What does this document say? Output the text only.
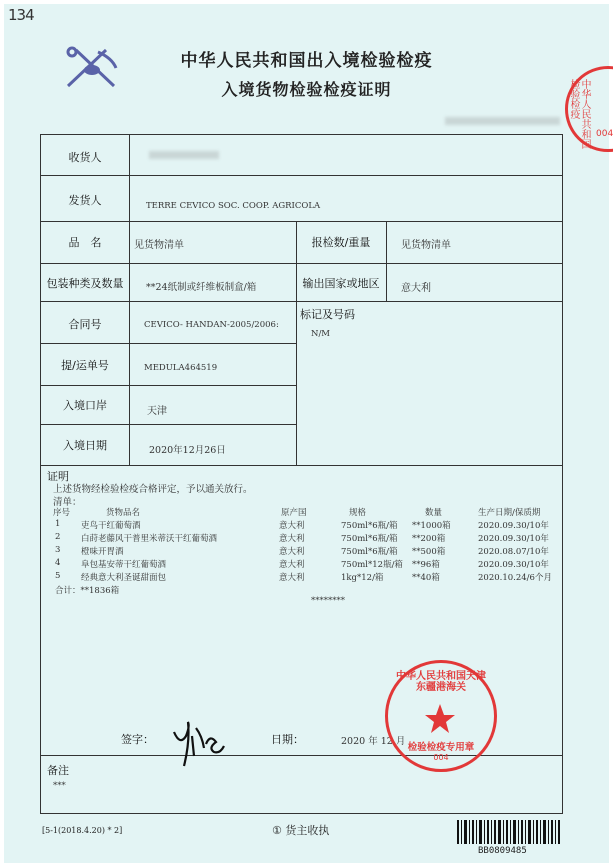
134
中华人民共和国出入境检验检疫
入境货物检验检疫证明	中华人民共和国 检验检疫
004
收货人
发货人	TERRE CEVICO SOC. COOP. AGRICOLA
品　名	见货物清单	报检数/重量	见货物清单
包装种类及数量	**24纸制或纤维板制盒/箱	输出国家或地区	意大利
合同号	CEVICO- HANDAN-2005/2006:
标记及号码
N/M
提/运单号	MEDULA464519
入境口岸	天津
入境日期	2020年12月26日
证明
上述货物经检验检疫合格评定，予以通关放行。
清单：
序号	货物品名	原产国	规格	数量	生产日期/保质期
1 吏鸟干红葡萄酒	意大利	750ml*6瓶/箱 **1000箱	2020.09.30/10年
2 白莳老藤风干普里米蒂沃干红葡萄酒	意大利	750ml*6瓶/箱 **200箱	2020.09.30/10年
3 橙味开胃酒	意大利	750ml*6瓶/箱 **500箱	2020.08.07/10年
4 阜包基安蒂干红葡萄酒	意大利	750ml*12瓶/箱 **96箱	2020.09.30/10年
5 经典意大利圣诞甜面包	意大利	1kg*12/箱	**40箱	2020.10.24/6个月
合计：**1836箱
********
签字：	日期：	2020 年 12 月
备注
***
中华人民共和国天津东疆港海关
检验检疫专用章
004
[5-1(2018.4.20) * 2]	① 货主收执
BB0809485
